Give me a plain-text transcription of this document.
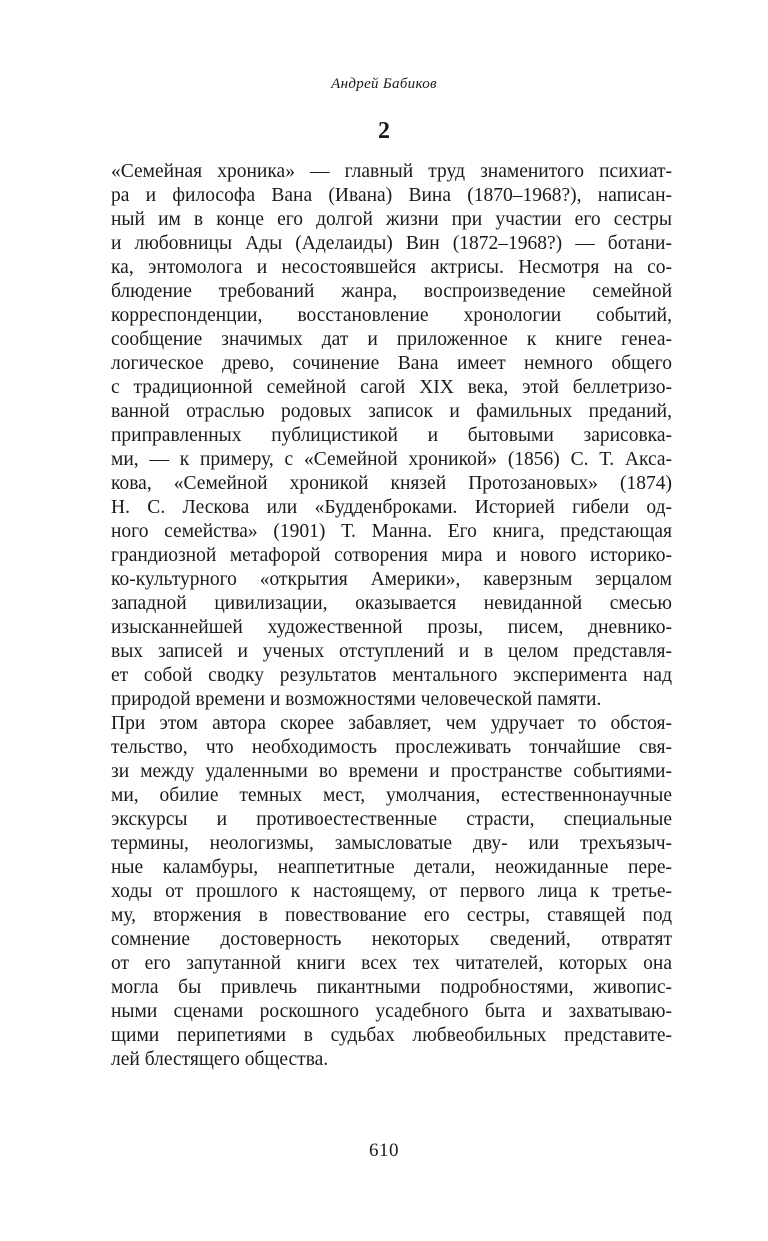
Андрей Бабиков
2
«Семейная хроника» — главный труд знаменитого психиат-
ра и философа Вана (Ивана) Вина (1870–1968?), написан-
ный им в конце его долгой жизни при участии его сестры
и любовницы Ады (Аделаиды) Вин (1872–1968?) — ботани-
ка, энтомолога и несостоявшейся актрисы. Несмотря на со-
блюдение требований жанра, воспроизведение семейной
корреспонденции, восстановление хронологии событий,
сообщение значимых дат и приложенное к книге генеа-
логическое древо, сочинение Вана имеет немного общего
с традиционной семейной сагой XIX века, этой беллетризо-
ванной отраслью родовых записок и фамильных преданий,
приправленных публицистикой и бытовыми зарисовка-
ми, — к примеру, с «Семейной хроникой» (1856) С. Т. Акса-
кова, «Семейной хроникой князей Протозановых» (1874)
Н. С. Лескова или «Будденброками. Историей гибели од-
ного семейства» (1901) Т. Манна. Его книга, предстающая
грандиозной метафорой сотворения мира и нового историко-
ко-культурного «открытия Америки», каверзным зерцалом
западной цивилизации, оказывается невиданной смесью
изысканнейшей художественной прозы, писем, дневнико-
вых записей и ученых отступлений и в целом представля-
ет собой сводку результатов ментального эксперимента над
природой времени и возможностями человеческой памяти.
При этом автора скорее забавляет, чем удручает то обстоя-
тельство, что необходимость прослеживать тончайшие свя-
зи между удаленными во времени и пространстве событиями-
ми, обилие темных мест, умолчания, естественнонаучные
экскурсы и противоестественные страсти, специальные
термины, неологизмы, замысловатые дву- или трехъязыч-
ные каламбуры, неаппетитные детали, неожиданные пере-
ходы от прошлого к настоящему, от первого лица к третье-
му, вторжения в повествование его сестры, ставящей под
сомнение достоверность некоторых сведений, отвратят
от его запутанной книги всех тех читателей, которых она
могла бы привлечь пикантными подробностями, живопис-
ными сценами роскошного усадебного быта и захватываю-
щими перипетиями в судьбах любвеобильных представите-
лей блестящего общества.
610
